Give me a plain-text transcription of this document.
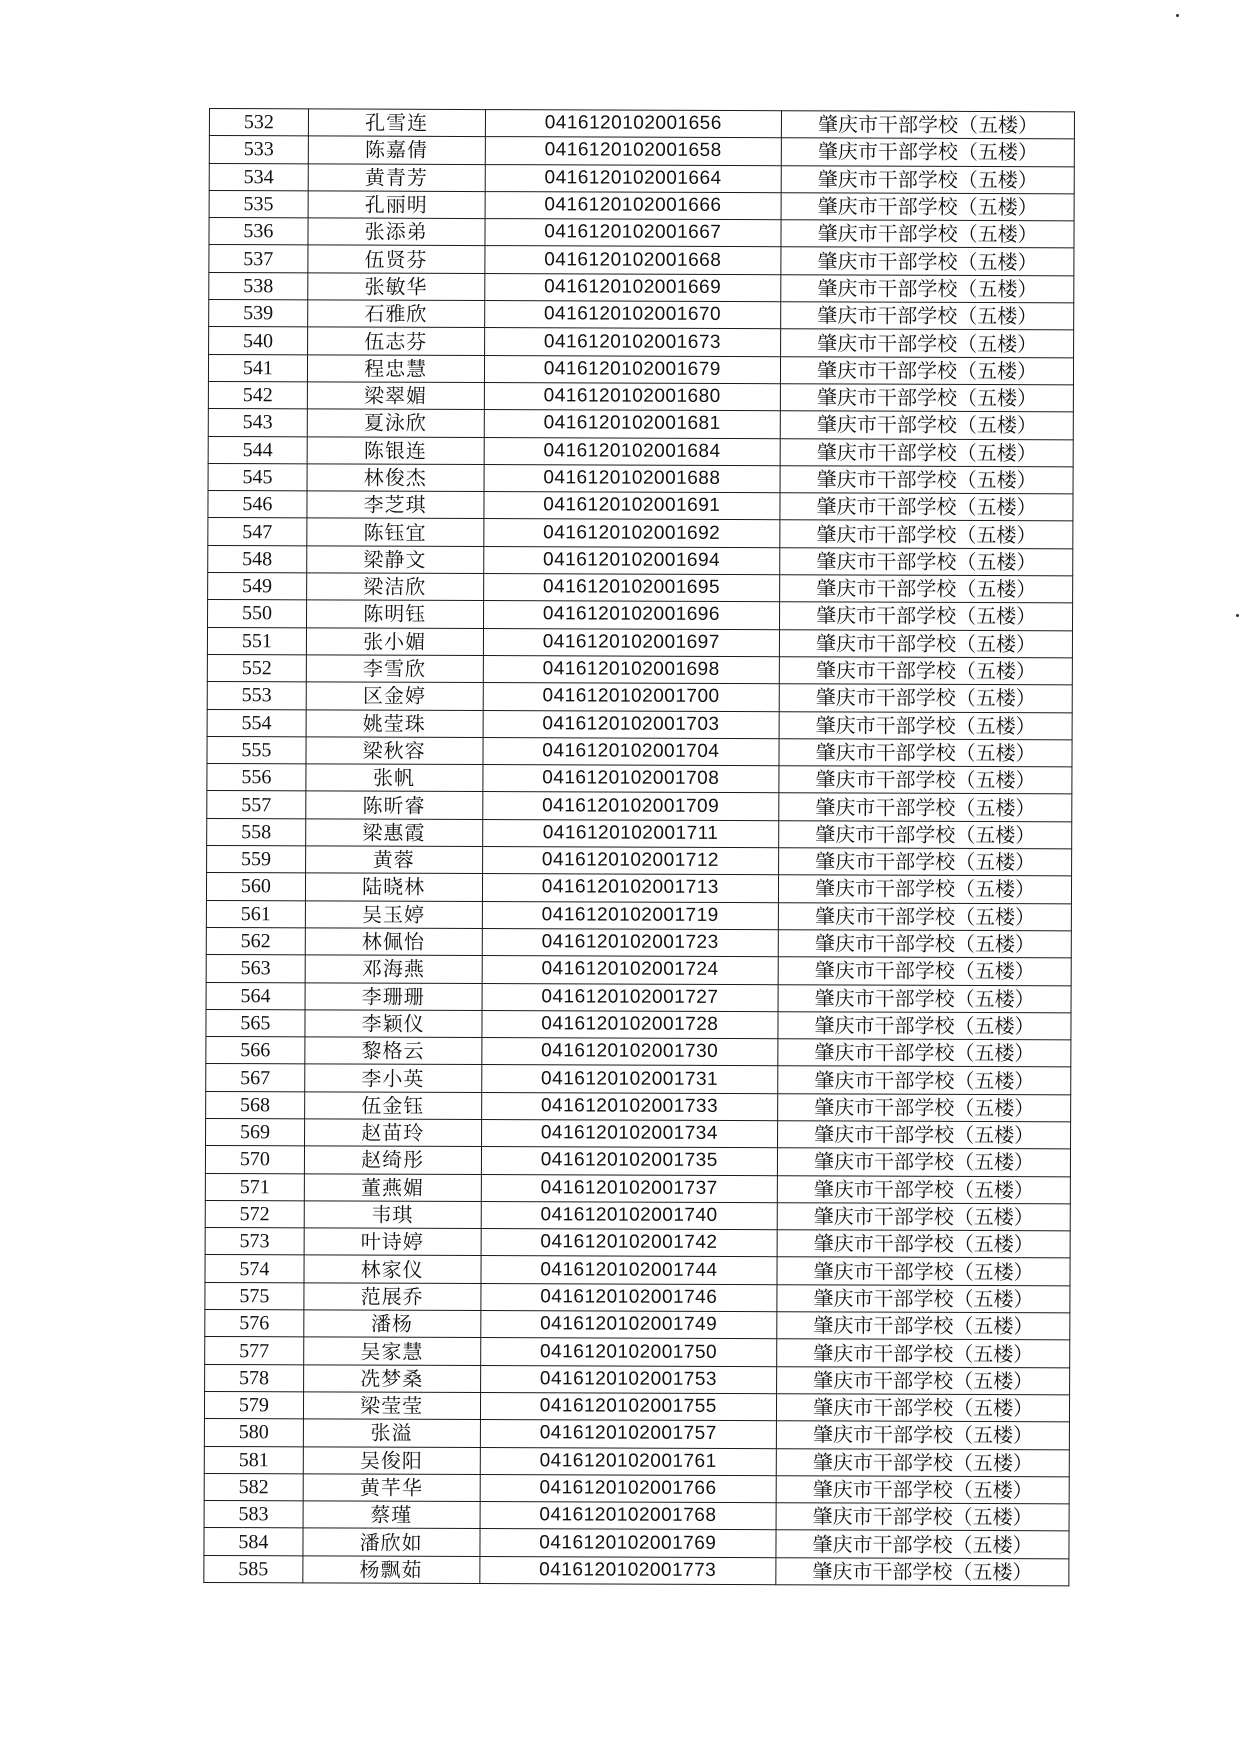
532	孔雪连	0416120102001656	肇庆市干部学校（五楼）
533	陈嘉倩	0416120102001658	肇庆市干部学校（五楼）
534	黄青芳	0416120102001664	肇庆市干部学校（五楼）
535	孔丽明	0416120102001666	肇庆市干部学校（五楼）
536	张添弟	0416120102001667	肇庆市干部学校（五楼）
537	伍贤芬	0416120102001668	肇庆市干部学校（五楼）
538	张敏华	0416120102001669	肇庆市干部学校（五楼）
539	石雅欣	0416120102001670	肇庆市干部学校（五楼）
540	伍志芬	0416120102001673	肇庆市干部学校（五楼）
541	程忠慧	0416120102001679	肇庆市干部学校（五楼）
542	梁翠媚	0416120102001680	肇庆市干部学校（五楼）
543	夏泳欣	0416120102001681	肇庆市干部学校（五楼）
544	陈银连	0416120102001684	肇庆市干部学校（五楼）
545	林俊杰	0416120102001688	肇庆市干部学校（五楼）
546	李芝琪	0416120102001691	肇庆市干部学校（五楼）
547	陈钰宜	0416120102001692	肇庆市干部学校（五楼）
548	梁静文	0416120102001694	肇庆市干部学校（五楼）
549	梁洁欣	0416120102001695	肇庆市干部学校（五楼）
550	陈明钰	0416120102001696	肇庆市干部学校（五楼）
551	张小媚	0416120102001697	肇庆市干部学校（五楼）
552	李雪欣	0416120102001698	肇庆市干部学校（五楼）
553	区金婷	0416120102001700	肇庆市干部学校（五楼）
554	姚莹珠	0416120102001703	肇庆市干部学校（五楼）
555	梁秋容	0416120102001704	肇庆市干部学校（五楼）
556	张帆	0416120102001708	肇庆市干部学校（五楼）
557	陈昕睿	0416120102001709	肇庆市干部学校（五楼）
558	梁惠霞	0416120102001711	肇庆市干部学校（五楼）
559	黄蓉	0416120102001712	肇庆市干部学校（五楼）
560	陆晓林	0416120102001713	肇庆市干部学校（五楼）
561	吴玉婷	0416120102001719	肇庆市干部学校（五楼）
562	林佩怡	0416120102001723	肇庆市干部学校（五楼）
563	邓海燕	0416120102001724	肇庆市干部学校（五楼）
564	李珊珊	0416120102001727	肇庆市干部学校（五楼）
565	李颖仪	0416120102001728	肇庆市干部学校（五楼）
566	黎格云	0416120102001730	肇庆市干部学校（五楼）
567	李小英	0416120102001731	肇庆市干部学校（五楼）
568	伍金钰	0416120102001733	肇庆市干部学校（五楼）
569	赵苗玲	0416120102001734	肇庆市干部学校（五楼）
570	赵绮彤	0416120102001735	肇庆市干部学校（五楼）
571	董燕媚	0416120102001737	肇庆市干部学校（五楼）
572	韦琪	0416120102001740	肇庆市干部学校（五楼）
573	叶诗婷	0416120102001742	肇庆市干部学校（五楼）
574	林家仪	0416120102001744	肇庆市干部学校（五楼）
575	范展乔	0416120102001746	肇庆市干部学校（五楼）
576	潘杨	0416120102001749	肇庆市干部学校（五楼）
577	吴家慧	0416120102001750	肇庆市干部学校（五楼）
578	冼梦桑	0416120102001753	肇庆市干部学校（五楼）
579	梁莹莹	0416120102001755	肇庆市干部学校（五楼）
580	张溢	0416120102001757	肇庆市干部学校（五楼）
581	吴俊阳	0416120102001761	肇庆市干部学校（五楼）
582	黄芊华	0416120102001766	肇庆市干部学校（五楼）
583	蔡瑾	0416120102001768	肇庆市干部学校（五楼）
584	潘欣如	0416120102001769	肇庆市干部学校（五楼）
585	杨飘茹	0416120102001773	肇庆市干部学校（五楼）
